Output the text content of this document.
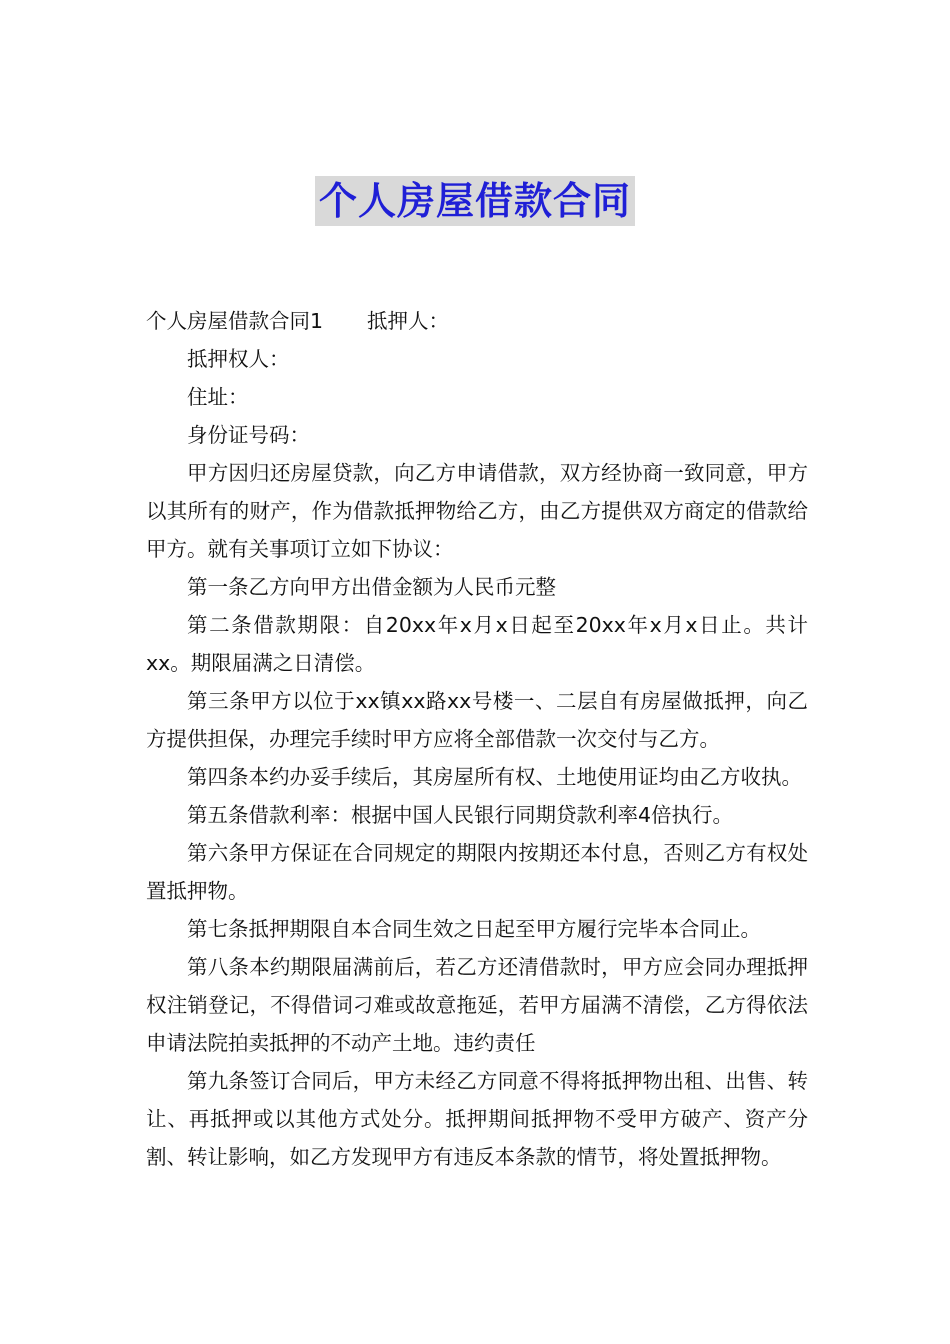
个人房屋借款合同

个人房屋借款合同1 抵押人：

抵押权人：

住址：

身份证号码：

甲方因归还房屋贷款，向乙方申请借款，双方经协商一致同意，甲方以其所有的财产，作为借款抵押物给乙方，由乙方提供双方商定的借款给甲方。就有关事项订立如下协议：

第一条乙方向甲方出借金额为人民币元整

第二条借款期限：自20xx年x月x日起至20xx年x月x日止。共计xx。期限届满之日清偿。

第三条甲方以位于xx镇xx路xx号楼一、二层自有房屋做抵押，向乙方提供担保，办理完手续时甲方应将全部借款一次交付与乙方。

第四条本约办妥手续后，其房屋所有权、土地使用证均由乙方收执。

第五条借款利率：根据中国人民银行同期贷款利率4倍执行。

第六条甲方保证在合同规定的期限内按期还本付息，否则乙方有权处置抵押物。

第七条抵押期限自本合同生效之日起至甲方履行完毕本合同止。

第八条本约期限届满前后，若乙方还清借款时，甲方应会同办理抵押权注销登记，不得借词刁难或故意拖延，若甲方届满不清偿，乙方得依法申请法院拍卖抵押的不动产土地。违约责任

第九条签订合同后，甲方未经乙方同意不得将抵押物出租、出售、转让、再抵押或以其他方式处分。抵押期间抵押物不受甲方破产、资产分割、转让影响，如乙方发现甲方有违反本条款的情节，将处置抵押物。
